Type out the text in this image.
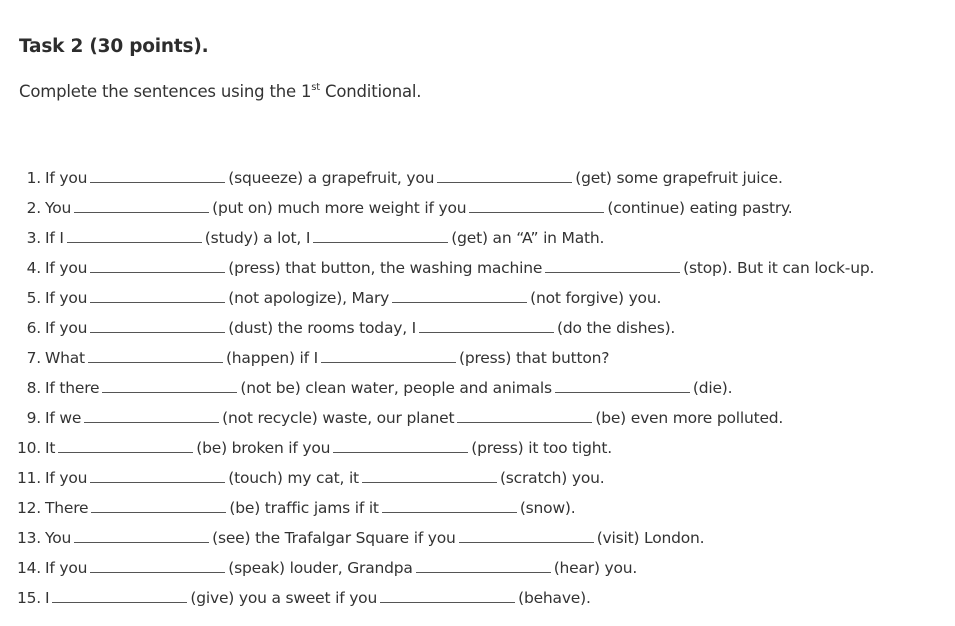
Task 2 (30 points).

Complete the sentences using the 1st Conditional.

1. If you	(squeeze) a grapefruit, you	(get) some grapefruit juice.
2. You	(put on) much more weight if you	(continue) eating pastry.
3. If I	(study) a lot, I	(get) an “A” in Math.
4. If you	(press) that button, the washing machine	(stop). But it can lock-up.
5. If you	(not apologize), Mary	(not forgive) you.
6. If you	(dust) the rooms today, I	(do the dishes).
7. What	(happen) if I	(press) that button?
8. If there	(not be) clean water, people and animals	(die).
9. If we	(not recycle) waste, our planet	(be) even more polluted.
10. It	(be) broken if you	(press) it too tight.
11. If you	(touch) my cat, it	(scratch) you.
12. There	(be) traffic jams if it	(snow).
13. You	(see) the Trafalgar Square if you	(visit) London.
14. If you	(speak) louder, Grandpa	(hear) you.
15. I	(give) you a sweet if you	(behave).
